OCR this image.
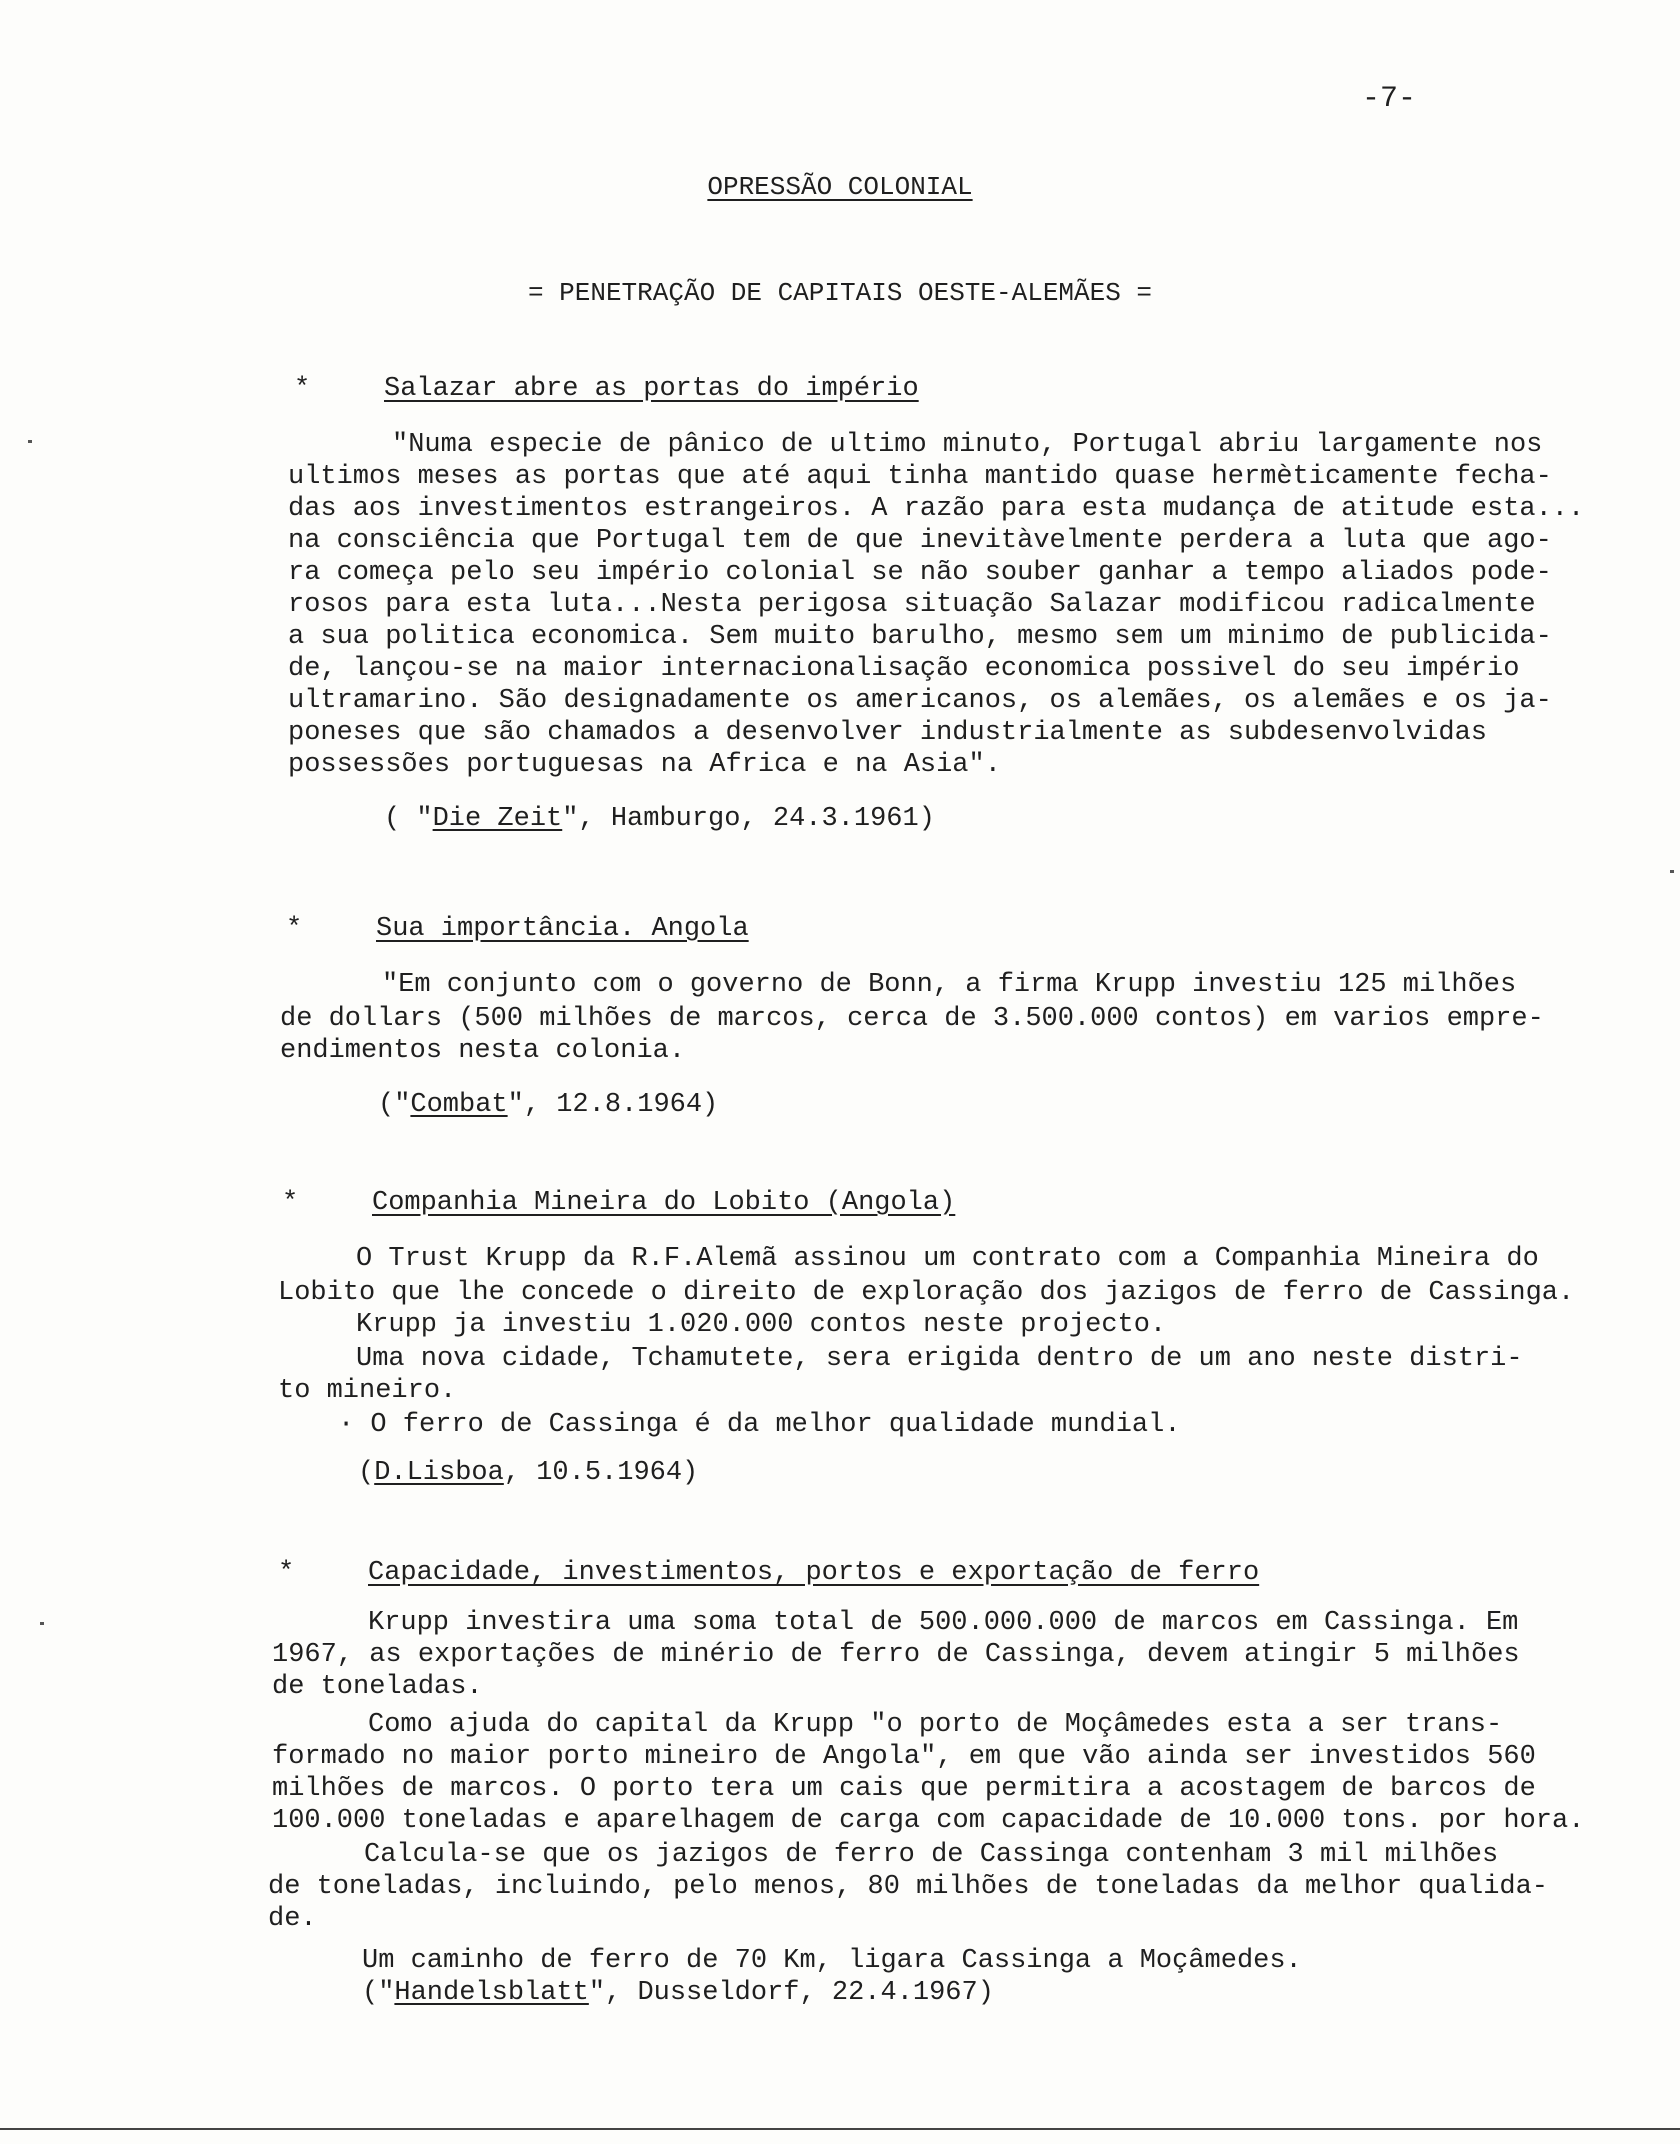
-7-
OPRESSÃO COLONIAL
= PENETRAÇÃO DE CAPITAIS OESTE-ALEMÃES =
*	Salazar abre as portas do império
"Numa especie de pânico de ultimo minuto, Portugal abriu largamente nos
ultimos meses as portas que até aqui tinha mantido quase hermèticamente fecha-
das aos investimentos estrangeiros. A razão para esta mudança de atitude esta...
na consciência que Portugal tem de que inevitàvelmente perdera a luta que ago-
ra começa pelo seu império colonial se não souber ganhar a tempo aliados pode-
rosos para esta luta...Nesta perigosa situação Salazar modificou radicalmente
a sua politica economica. Sem muito barulho, mesmo sem um minimo de publicida-
de, lançou-se na maior internacionalisação economica possivel do seu império
ultramarino. São designadamente os americanos, os alemães, os alemães e os ja-
poneses que são chamados a desenvolver industrialmente as subdesenvolvidas
possessões portuguesas na Africa e na Asia".
( "Die Zeit", Hamburgo, 24.3.1961)
*	Sua importância. Angola
"Em conjunto com o governo de Bonn, a firma Krupp investiu 125 milhões
de dollars (500 milhões de marcos, cerca de 3.500.000 contos) em varios empre-
endimentos nesta colonia.
("Combat", 12.8.1964)
*	Companhia Mineira do Lobito (Angola)
O Trust Krupp da R.F.Alemã assinou um contrato com a Companhia Mineira do
Lobito que lhe concede o direito de exploração dos jazigos de ferro de Cassinga.
Krupp ja investiu 1.020.000 contos neste projecto.
Uma nova cidade, Tchamutete, sera erigida dentro de um ano neste distri-
to mineiro.
· O ferro de Cassinga é da melhor qualidade mundial.
(D.Lisboa, 10.5.1964)
*	Capacidade, investimentos, portos e exportação de ferro
Krupp investira uma soma total de 500.000.000 de marcos em Cassinga. Em
1967, as exportações de minério de ferro de Cassinga, devem atingir 5 milhões
de toneladas.
Como ajuda do capital da Krupp "o porto de Moçâmedes esta a ser trans-
formado no maior porto mineiro de Angola", em que vão ainda ser investidos 560
milhões de marcos. O porto tera um cais que permitira a acostagem de barcos de
100.000 toneladas e aparelhagem de carga com capacidade de 10.000 tons. por hora.
Calcula-se que os jazigos de ferro de Cassinga contenham 3 mil milhões
de toneladas, incluindo, pelo menos, 80 milhões de toneladas da melhor qualida-
de.
Um caminho de ferro de 70 Km, ligara Cassinga a Moçâmedes.
("Handelsblatt", Dusseldorf, 22.4.1967)
